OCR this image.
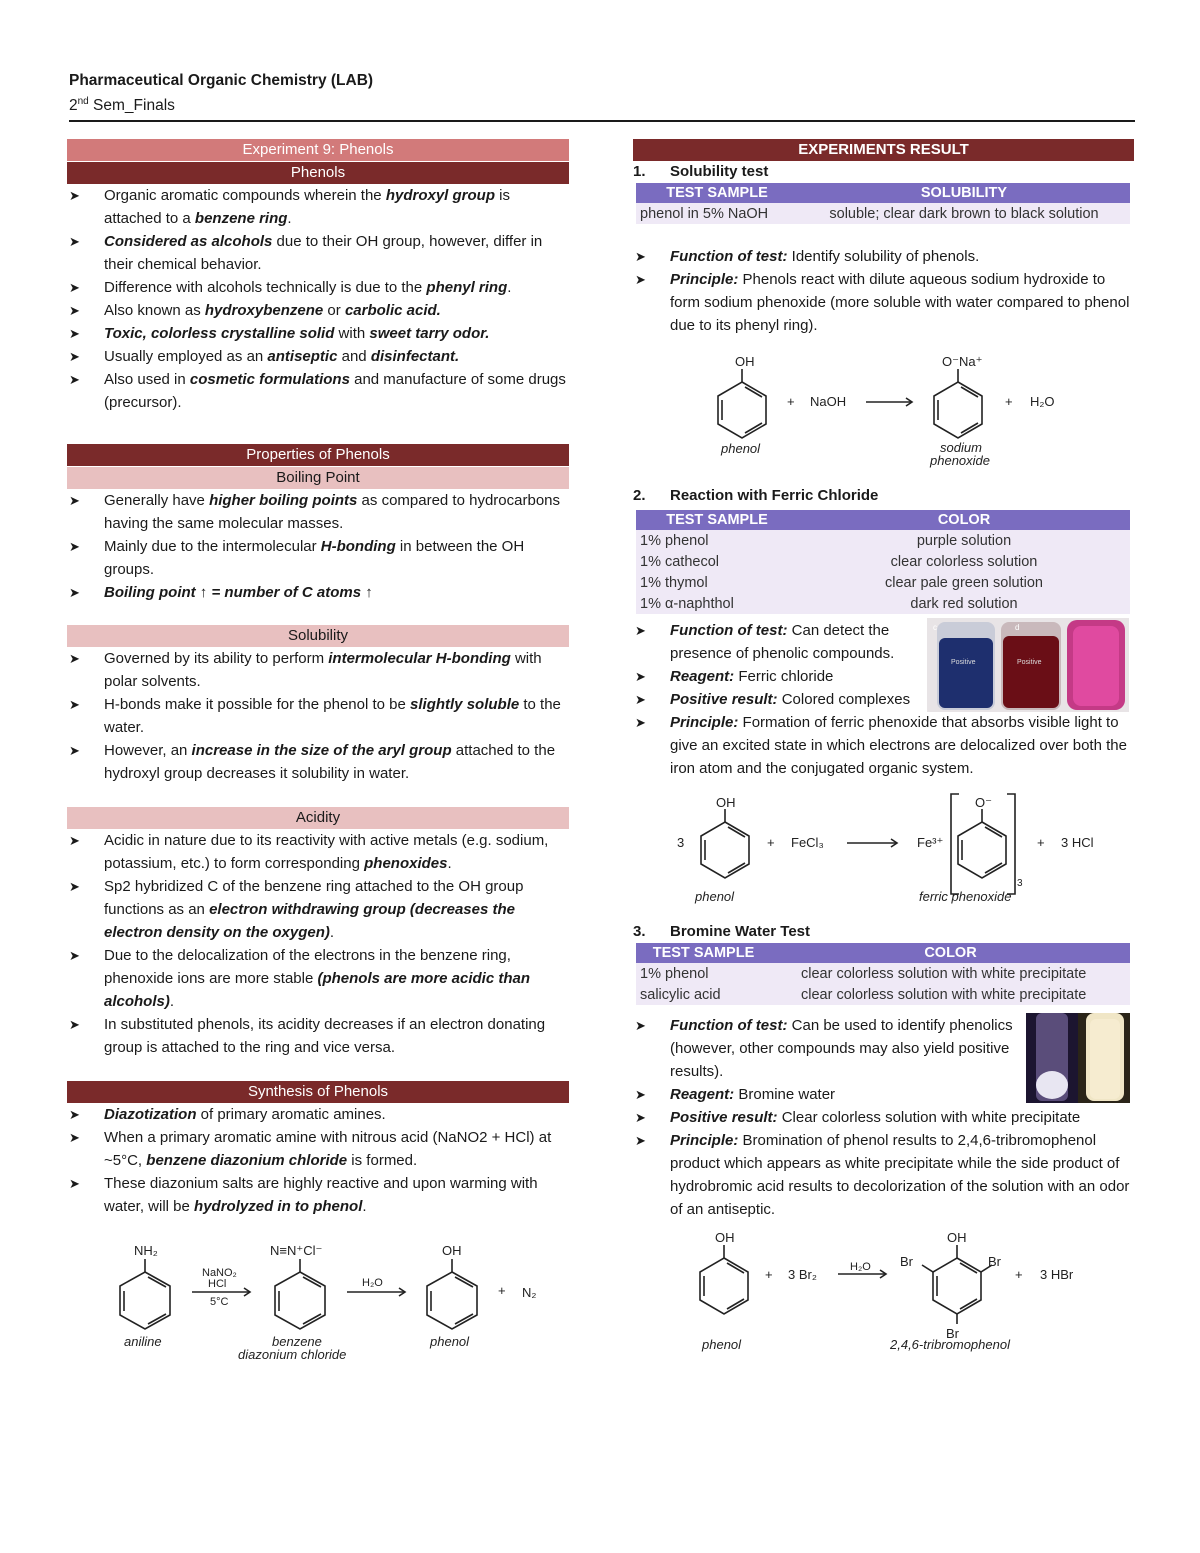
Pharmaceutical Organic Chemistry (LAB)
2nd Sem_Finals
Experiment 9: Phenols
Phenols
➤ Organic aromatic compounds wherein the hydroxyl group is attached to a benzene ring.
➤ Considered as alcohols due to their OH group, however, differ in their chemical behavior.
➤ Difference with alcohols technically is due to the phenyl ring.
➤ Also known as hydroxybenzene or carbolic acid.
➤ Toxic, colorless crystalline solid with sweet tarry odor.
➤ Usually employed as an antiseptic and disinfectant.
➤ Also used in cosmetic formulations and manufacture of some drugs (precursor).
Properties of Phenols
Boiling Point
➤ Generally have higher boiling points as compared to hydrocarbons having the same molecular masses.
➤ Mainly due to the intermolecular H-bonding in between the OH groups.
➤ Boiling point ↑ = number of C atoms ↑
Solubility
➤ Governed by its ability to perform intermolecular H-bonding with polar solvents.
➤ H-bonds make it possible for the phenol to be slightly soluble to the water.
➤ However, an increase in the size of the aryl group attached to the hydroxyl group decreases it solubility in water.
Acidity
➤ Acidic in nature due to its reactivity with active metals (e.g. sodium, potassium, etc.) to form corresponding phenoxides.
➤ Sp2 hybridized C of the benzene ring attached to the OH group functions as an electron withdrawing group (decreases the electron density on the oxygen).
➤ Due to the delocalization of the electrons in the benzene ring, phenoxide ions are more stable (phenols are more acidic than alcohols).
➤ In substituted phenols, its acidity decreases if an electron donating group is attached to the ring and vice versa.
Synthesis of Phenols
➤ Diazotization of primary aromatic amines.
➤ When a primary aromatic amine with nitrous acid (NaNO2 + HCl) at ~5°C, benzene diazonium chloride is formed.
➤ These diazonium salts are highly reactive and upon warming with water, will be hydrolyzed in to phenol.
NH₂
NaNO₂
HCl
5°C
N≡N⁺Cl⁻
H₂O
OH
+ N₂
aniline	benzene
diazonium chloride
phenol
EXPERIMENTS RESULT
1. Solubility test
TEST SAMPLE	SOLUBILITY
phenol in 5% NaOH	soluble; clear dark brown to black solution
➤ Function of test: Identify solubility of phenols.
➤ Principle: Phenols react with dilute aqueous sodium hydroxide to form sodium phenoxide (more soluble with water compared to phenol due to its phenyl ring).
OH
+ NaOH
O⁻Na⁺
+ H₂O
phenol	sodium
phenoxide
2. Reaction with Ferric Chloride
TEST SAMPLE	COLOR
1% phenol	purple solution
1% cathecol	clear colorless solution
1% thymol	clear pale green solution
1% α-naphthol	dark red solution
➤ Function of test: Can detect the presence of phenolic compounds.
➤ Reagent: Ferric chloride
➤ Positive result: Colored complexes
➤ Principle: Formation of ferric phenoxide that absorbs visible light to give an excited state in which electrons are delocalized over both the iron atom and the conjugated organic system.
c	d
Positive	Positive
OH
3	+ FeCl₃	Fe³⁺
O⁻
3
+ 3 HCl
phenol	ferric phenoxide
3. Bromine Water Test
TEST SAMPLE	COLOR
1% phenol	clear colorless solution with white precipitate
salicylic acid	clear colorless solution with white precipitate
➤ Function of test: Can be used to identify phenolics (however, other compounds may also yield positive results).
➤ Reagent: Bromine water
➤ Positive result: Clear colorless solution with white precipitate
➤ Principle: Bromination of phenol results to 2,4,6-tribromophenol product which appears as white precipitate while the side product of hydrobromic acid results to decolorization of the solution with an odor of an antiseptic.
OH
+ 3 Br₂	H₂O
OH
Br	Br
Br
+ 3 HBr
phenol	2,4,6-tribromophenol
